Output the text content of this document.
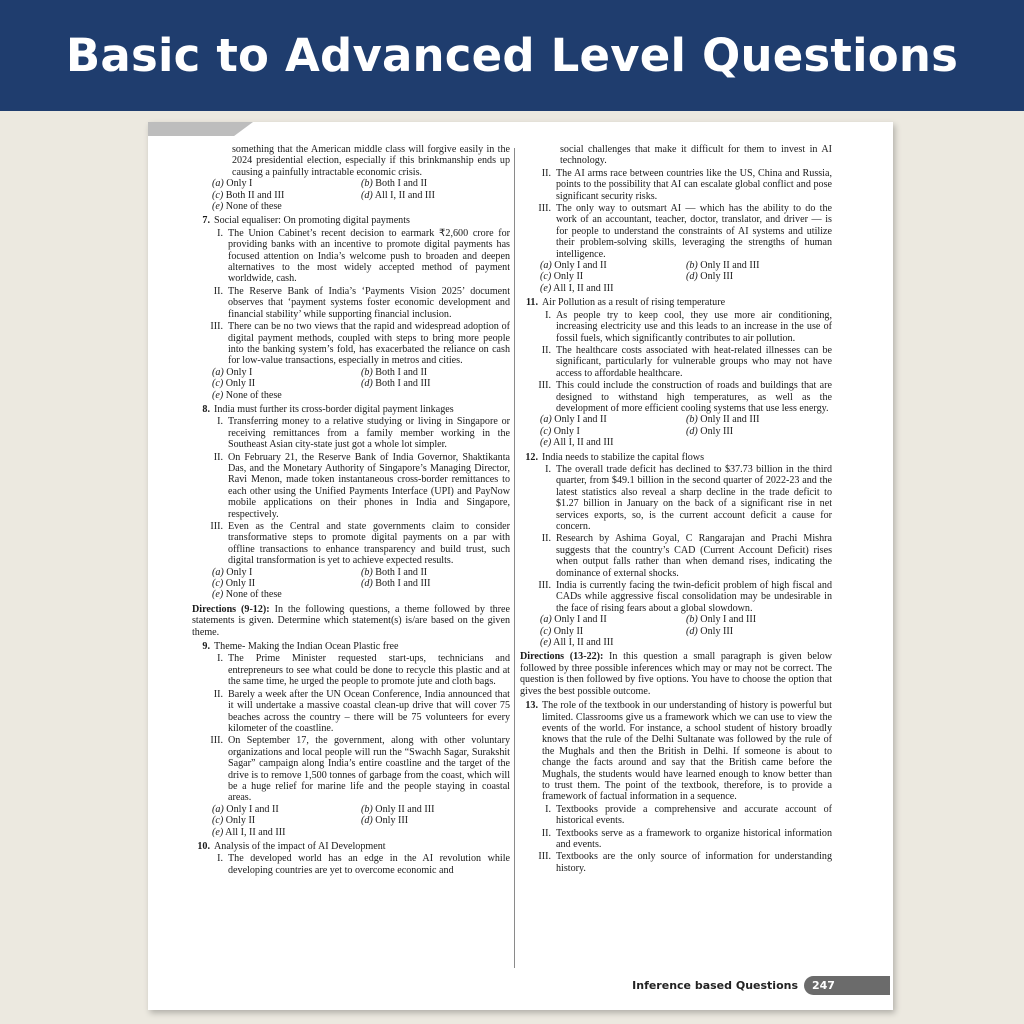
Basic to Advanced Level Questions
something that the American middle class will forgive easily in the 2024 presidential election, especially if this brinkmanship ends up causing a painfully intractable economic crisis.
(a) Only I	(b) Both I and II
(c) Both II and III	(d) All I, II and III
(e) None of these
7. Social equaliser: On promoting digital payments
I. The Union Cabinet’s recent decision to earmark ₹2,600 crore for providing banks with an incentive to promote digital payments has focused attention on India’s welcome push to broaden and deepen alternatives to the most widely accepted method of payment worldwide, cash.
II. The Reserve Bank of India’s ‘Payments Vision 2025’ document observes that ‘payment systems foster economic development and financial stability’ while supporting financial inclusion.
III. There can be no two views that the rapid and widespread adoption of digital payment methods, coupled with steps to bring more people into the banking system’s fold, has exacerbated the reliance on cash for low-value transactions, especially in metros and cities.
(a) Only I	(b) Both I and II
(c) Only II	(d) Both I and III
(e) None of these
8. India must further its cross-border digital payment linkages
I. Transferring money to a relative studying or living in Singapore or receiving remittances from a family member working in the Southeast Asian city-state just got a whole lot simpler.
II. On February 21, the Reserve Bank of India Governor, Shaktikanta Das, and the Monetary Authority of Singapore’s Managing Director, Ravi Menon, made token instantaneous cross-border remittances to each other using the Unified Payments Interface (UPI) and PayNow mobile applications on their phones in India and Singapore, respectively.
III. Even as the Central and state governments claim to consider transformative steps to promote digital payments on a par with offline transactions to enhance transparency and build trust, such digital transformation is yet to achieve expected results.
(a) Only I	(b) Both I and II
(c) Only II	(d) Both I and III
(e) None of these
Directions (9-12): In the following questions, a theme followed by three statements is given. Determine which statement(s) is/are based on the given theme.
9. Theme- Making the Indian Ocean Plastic free
I. The Prime Minister requested start-ups, technicians and entrepreneurs to see what could be done to recycle this plastic and at the same time, he urged the people to promote jute and cloth bags.
II. Barely a week after the UN Ocean Conference, India announced that it will undertake a massive coastal clean-up drive that will cover 75 beaches across the country – there will be 75 volunteers for every kilometer of the coastline.
III. On September 17, the government, along with other voluntary organizations and local people will run the “Swachh Sagar, Surakshit Sagar” campaign along India’s entire coastline and the target of the drive is to remove 1,500 tonnes of garbage from the coast, which will be a huge relief for marine life and the people staying in coastal areas.
(a) Only I and II	(b) Only II and III
(c) Only II	(d) Only III
(e) All I, II and III
10. Analysis of the impact of AI Development
I. The developed world has an edge in the AI revolution while developing countries are yet to overcome economic and
social challenges that make it difficult for them to invest in AI technology.
II. The AI arms race between countries like the US, China and Russia, points to the possibility that AI can escalate global conflict and pose significant security risks.
III. The only way to outsmart AI — which has the ability to do the work of an accountant, teacher, doctor, translator, and driver — is for people to understand the constraints of AI systems and utilize their problem-solving skills, leveraging the strengths of human intelligence.
(a) Only I and II	(b) Only II and III
(c) Only II	(d) Only III
(e) All I, II and III
11. Air Pollution as a result of rising temperature
I. As people try to keep cool, they use more air conditioning, increasing electricity use and this leads to an increase in the use of fossil fuels, which significantly contributes to air pollution.
II. The healthcare costs associated with heat-related illnesses can be significant, particularly for vulnerable groups who may not have access to affordable healthcare.
III. This could include the construction of roads and buildings that are designed to withstand high temperatures, as well as the development of more efficient cooling systems that use less energy.
(a) Only I and II	(b) Only II and III
(c) Only I	(d) Only III
(e) All I, II and III
12. India needs to stabilize the capital flows
I. The overall trade deficit has declined to $37.73 billion in the third quarter, from $49.1 billion in the second quarter of 2022-23 and the latest statistics also reveal a sharp decline in the trade deficit to $1.27 billion in January on the back of a significant rise in net services exports, so, is the current account deficit a cause for concern.
II. Research by Ashima Goyal, C Rangarajan and Prachi Mishra suggests that the country’s CAD (Current Account Deficit) rises when output falls rather than when demand rises, indicating the dominance of external shocks.
III. India is currently facing the twin-deficit problem of high fiscal and CADs while aggressive fiscal consolidation may be undesirable in the face of rising fears about a global slowdown.
(a) Only I and II	(b) Only I and III
(c) Only II	(d) Only III
(e) All I, II and III
Directions (13-22): In this question a small paragraph is given below followed by three possible inferences which may or may not be correct. The question is then followed by five options. You have to choose the option that gives the best possible outcome.
13. The role of the textbook in our understanding of history is powerful but limited. Classrooms give us a framework which we can use to view the events of the world. For instance, a school student of history broadly knows that the rule of the Delhi Sultanate was followed by the rule of the Mughals and then the British in Delhi. If someone is about to change the facts around and say that the British came before the Mughals, the students would have learned enough to know better than to trust them. The point of the textbook, therefore, is to provide a framework of factual information in a sequence.
I. Textbooks provide a comprehensive and accurate account of historical events.
II. Textbooks serve as a framework to organize historical information and events.
III. Textbooks are the only source of information for understanding history.
Inference based Questions	247
